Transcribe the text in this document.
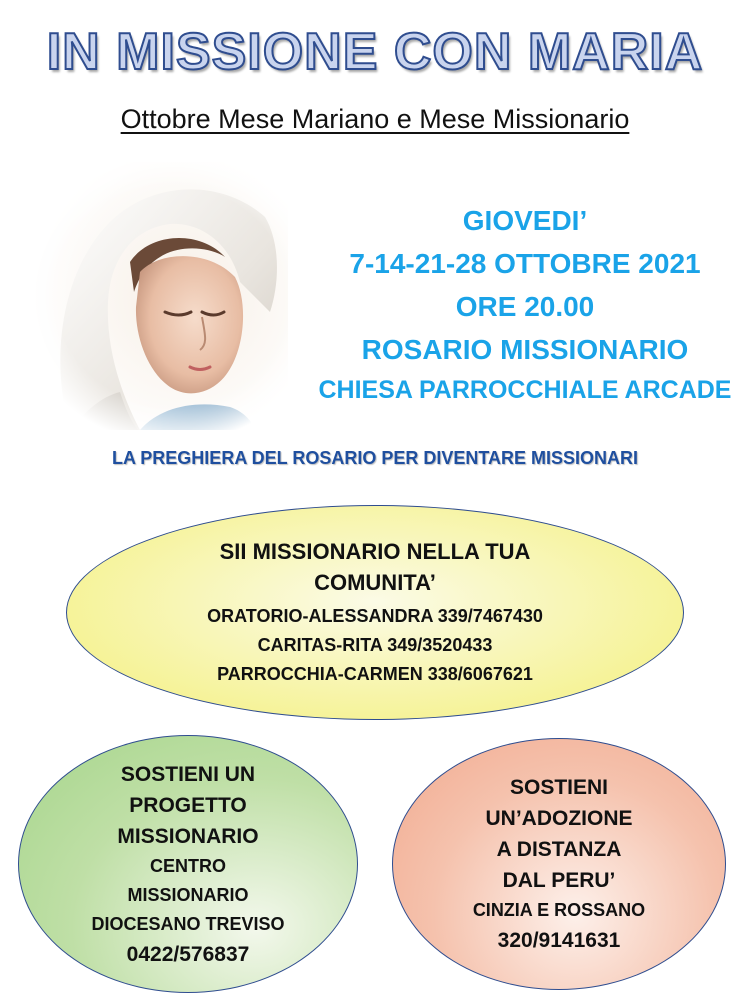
IN MISSIONE CON MARIA
Ottobre Mese Mariano e Mese Missionario
GIOVEDI’
7-14-21-28 OTTOBRE 2021
ORE 20.00
ROSARIO MISSIONARIO
CHIESA PARROCCHIALE ARCADE
LA PREGHIERA DEL ROSARIO PER DIVENTARE MISSIONARI
SII MISSIONARIO NELLA TUA
COMUNITA’
ORATORIO-ALESSANDRA 339/7467430
CARITAS-RITA 349/3520433
PARROCCHIA-CARMEN 338/6067621
SOSTIENI UN
PROGETTO
MISSIONARIO
CENTRO
MISSIONARIO
DIOCESANO TREVISO
0422/576837
SOSTIENI
UN’ADOZIONE
A DISTANZA
DAL PERU’
CINZIA E ROSSANO
320/9141631
